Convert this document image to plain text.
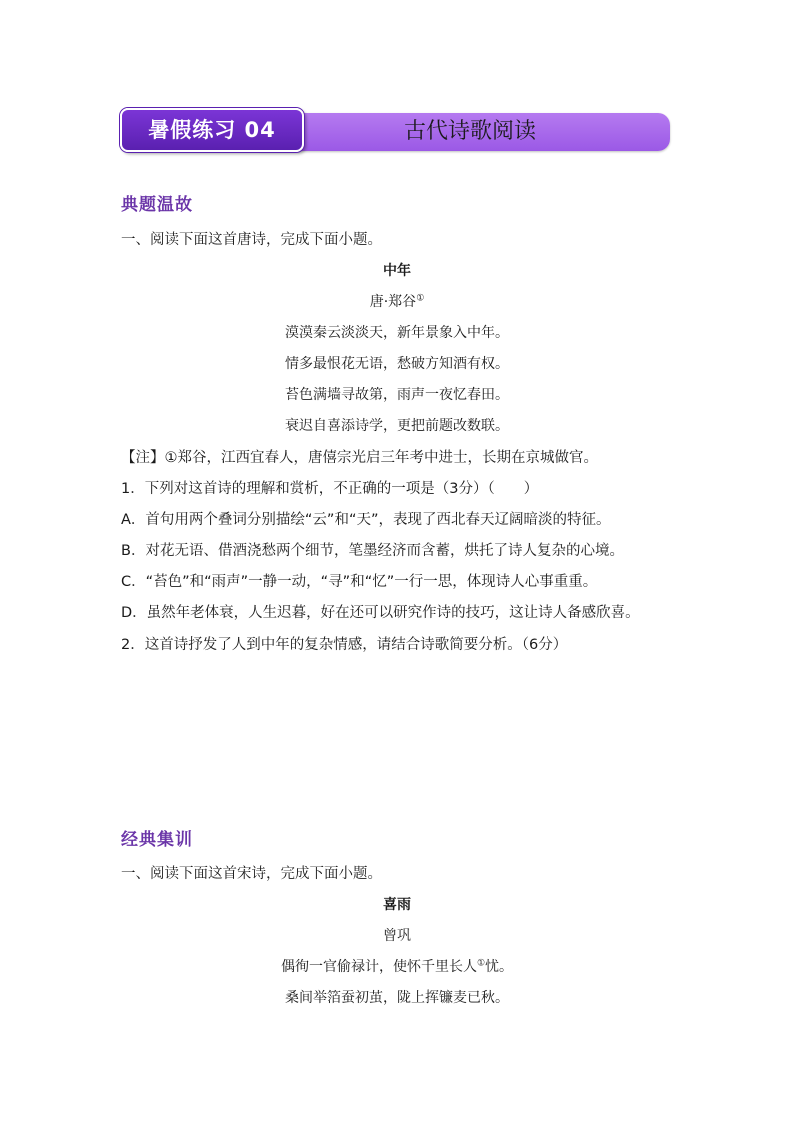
古代诗歌阅读
暑假练习 04
典题温故
一、阅读下面这首唐诗，完成下面小题。
中年
唐·郑谷①
漠漠秦云淡淡天，新年景象入中年。
情多最恨花无语，愁破方知酒有权。
苔色满墙寻故第，雨声一夜忆春田。
衰迟自喜添诗学，更把前题改数联。
【注】①郑谷，江西宜春人，唐僖宗光启三年考中进士，长期在京城做官。
1．下列对这首诗的理解和赏析，不正确的一项是（3分）（　　）
A．首句用两个叠词分别描绘“云”和“天”，表现了西北春天辽阔暗淡的特征。
B．对花无语、借酒浇愁两个细节，笔墨经济而含蓄，烘托了诗人复杂的心境。
C．“苔色”和“雨声”一静一动，“寻”和“忆”一行一思，体现诗人心事重重。
D．虽然年老体衰，人生迟暮，好在还可以研究作诗的技巧，这让诗人备感欣喜。
2．这首诗抒发了人到中年的复杂情感，请结合诗歌简要分析。（6分）
经典集训
一、阅读下面这首宋诗，完成下面小题。
喜雨
曾巩
偶徇一官偷禄计，使怀千里长人①忧。
桑间举箔蚕初茧，陇上挥镰麦已秋。
